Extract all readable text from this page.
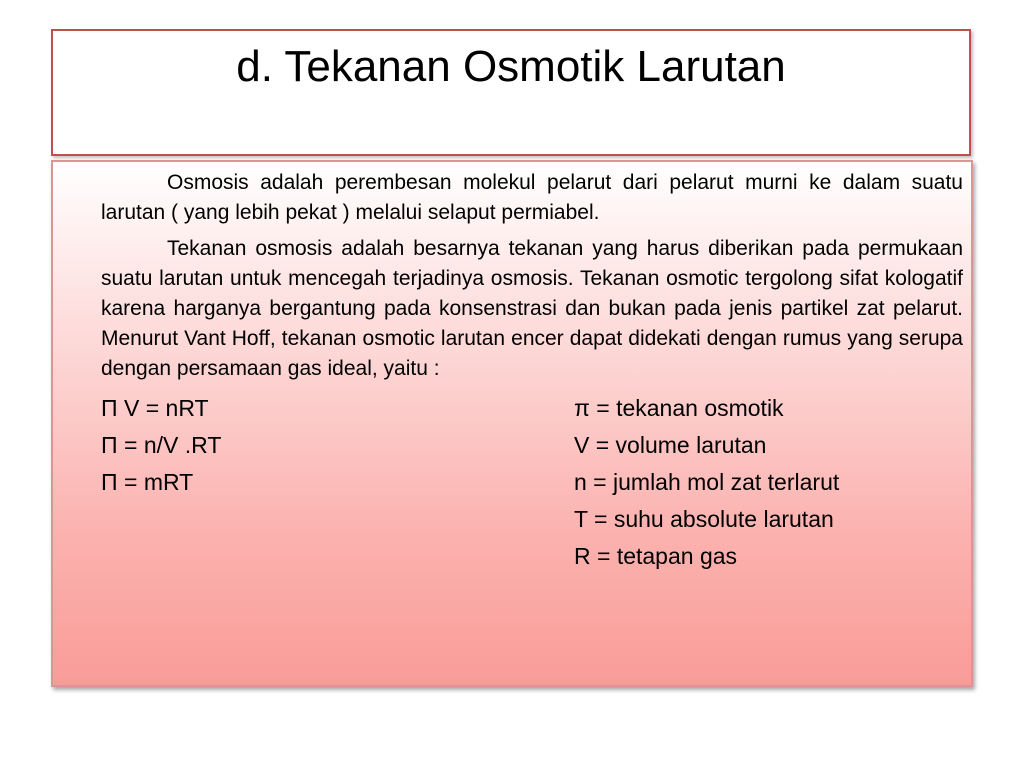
d. Tekanan Osmotik Larutan

Osmosis adalah perembesan molekul pelarut dari pelarut murni ke dalam suatu larutan ( yang lebih pekat ) melalui selaput permiabel.

Tekanan osmosis adalah besarnya tekanan yang harus diberikan pada permukaan suatu larutan untuk mencegah terjadinya osmosis. Tekanan osmotic tergolong sifat kologatif karena harganya bergantung pada konsenstrasi dan bukan pada jenis partikel zat pelarut. Menurut Vant Hoff, tekanan osmotic larutan encer dapat didekati dengan rumus yang serupa dengan persamaan gas ideal, yaitu :

Π V = nRT	π = tekanan osmotik
Π = n/V .RT	V = volume larutan
Π = mRT	n = jumlah mol zat terlarut
T = suhu absolute larutan
R = tetapan gas
